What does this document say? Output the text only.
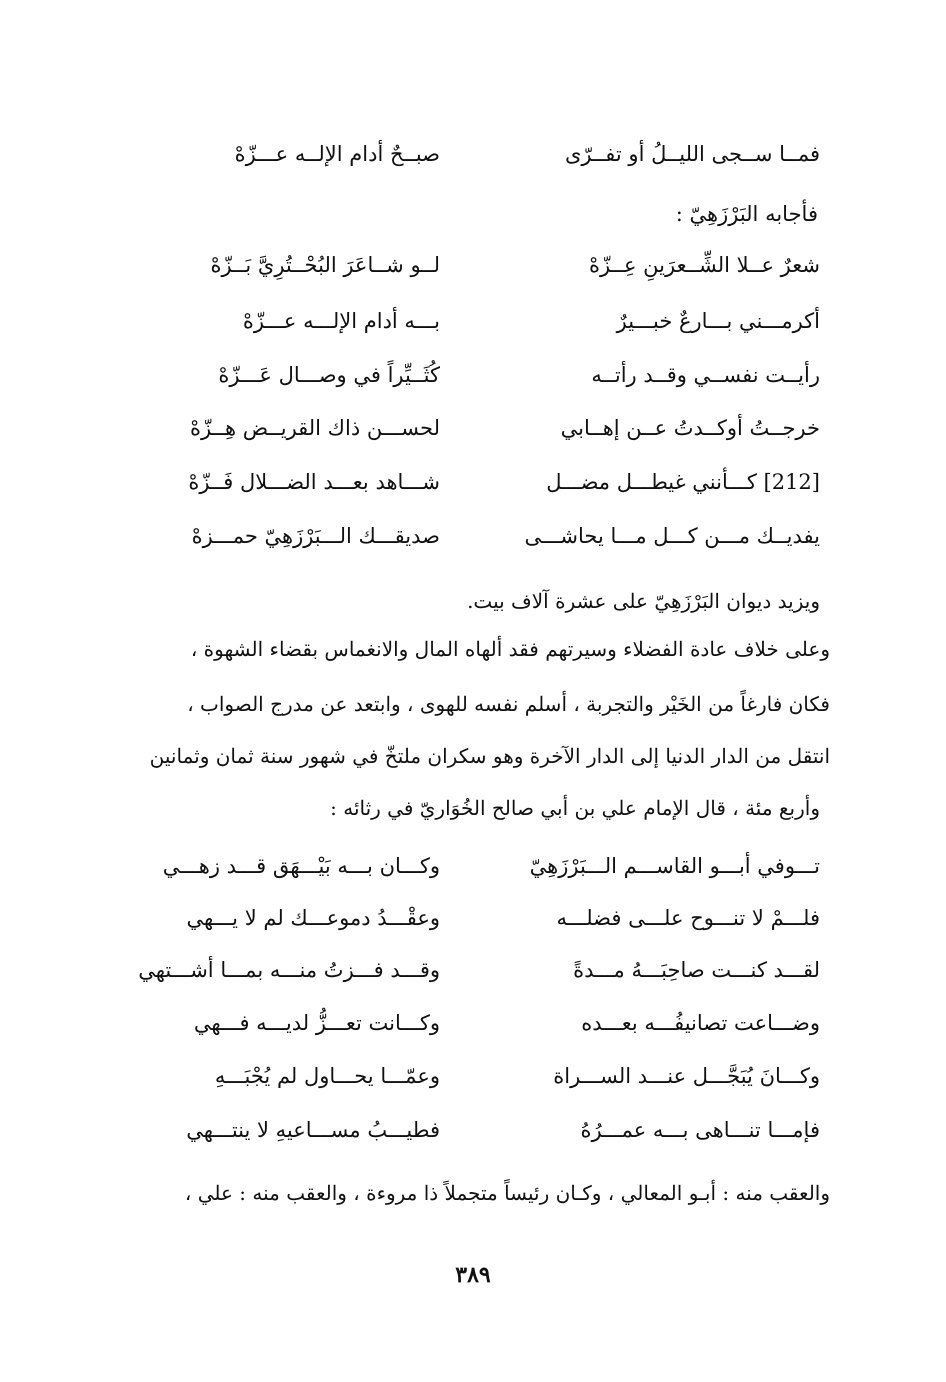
فمــا ســجى الليــلُ أو تفــرّى
صبــحٌ أدام الإلــه عـــزّهْ
فأجابه البَرْزَهِيّ :
شعرٌ عــلا الشِّــعرَينِ عِــزّهْ
لــو شــاعَرَ البُحْــتُرِيَّ بَــزّهْ
أكرمـــني بـــارعٌ خبـــيرٌ
بـــه أدام الإلـــه عـــزّهْ
رأيــت نفســي وقــد رأتــه
كُثَــيِّراً في وصـــال عَـــزّهْ
خرجــتُ أوكــدتُ عــن إهــابي
لحســـن ذاك القريــض هِــزّهْ
[212] كـــأنني غيطـــل مضـــل
شـــاهد بعـــد الضـــلال فَــزّهْ
يفديــك مـــن كـــل مـــا يحاشـــى
صديقـــك الـــبَرْزَهِيّ حمـــزهْ
ويزيد ديوان البَرْزَهِيّ على عشرة آلاف بيت.
وعلى خلاف عادة الفضلاء وسيرتهم فقد ألهاه المال والانغماس بقضاء الشهوة ،
فكان فارغاً من الخَيْر والتجربة ، أسلم نفسه للهوى ، وابتعد عن مدرج الصواب ،
انتقل من الدار الدنيا إلى الدار الآخرة وهو سكران ملتخّ في شهور سنة ثمان وثمانين
وأربع مئة ، قال الإمام علي بن أبي صالح الخُوَاريّ في رثائه :
تـــوفي أبـــو القاســـم الـــبَرْزَهِيّ
وكـــان بـــه بَيْـــهَق قـــد زهـــي
فلـــمْ لا تنـــوح علـــى فضلـــه
وعقْـــدُ دموعـــك لم لا يـــهي
لقـــد كنـــت صاحِبَـــهُ مـــدةً
وقـــد فـــزتُ منـــه بمـــا أشـــتهي
وضـــاعت تصانيفُـــه بعـــده
وكـــانت تعـــزُّ لديـــه فـــهي
وكـــانَ يُبَجَّـــل عنـــد الســـراة
وعمّـــا يحـــاول لم يُجْبَـــهِ
فإمـــا تنـــاهى بـــه عمـــرُهُ
فطيـــبُ مســـاعيهِ لا ينتـــهي
والعقب منه : أبـو المعالي ، وكـان رئيساً متجملاً ذا مروءة ، والعقب منه : علي ،
٣٨٩
